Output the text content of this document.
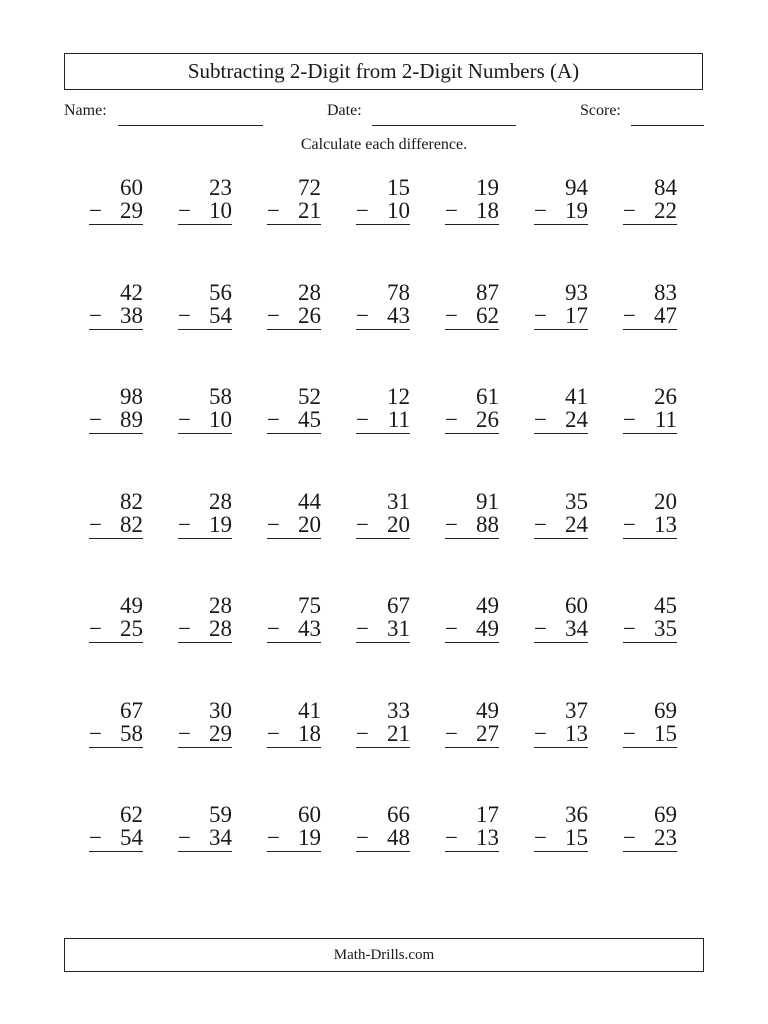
Subtracting 2-Digit from 2-Digit Numbers (A)
Name:	Date:	Score:
Calculate each difference.
60
− 29
23
− 10
72
− 21
15
− 10
19
− 18
94
− 19
84
− 22
42
− 38
56
− 54
28
− 26
78
− 43
87
− 62
93
− 17
83
− 47
98
− 89
58
− 10
52
− 45
12
− 11
61
− 26
41
− 24
26
− 11
82
− 82
28
− 19
44
− 20
31
− 20
91
− 88
35
− 24
20
− 13
49
− 25
28
− 28
75
− 43
67
− 31
49
− 49
60
− 34
45
− 35
67
− 58
30
− 29
41
− 18
33
− 21
49
− 27
37
− 13
69
− 15
62
− 54
59
− 34
60
− 19
66
− 48
17
− 13
36
− 15
69
− 23
Math-Drills.com
